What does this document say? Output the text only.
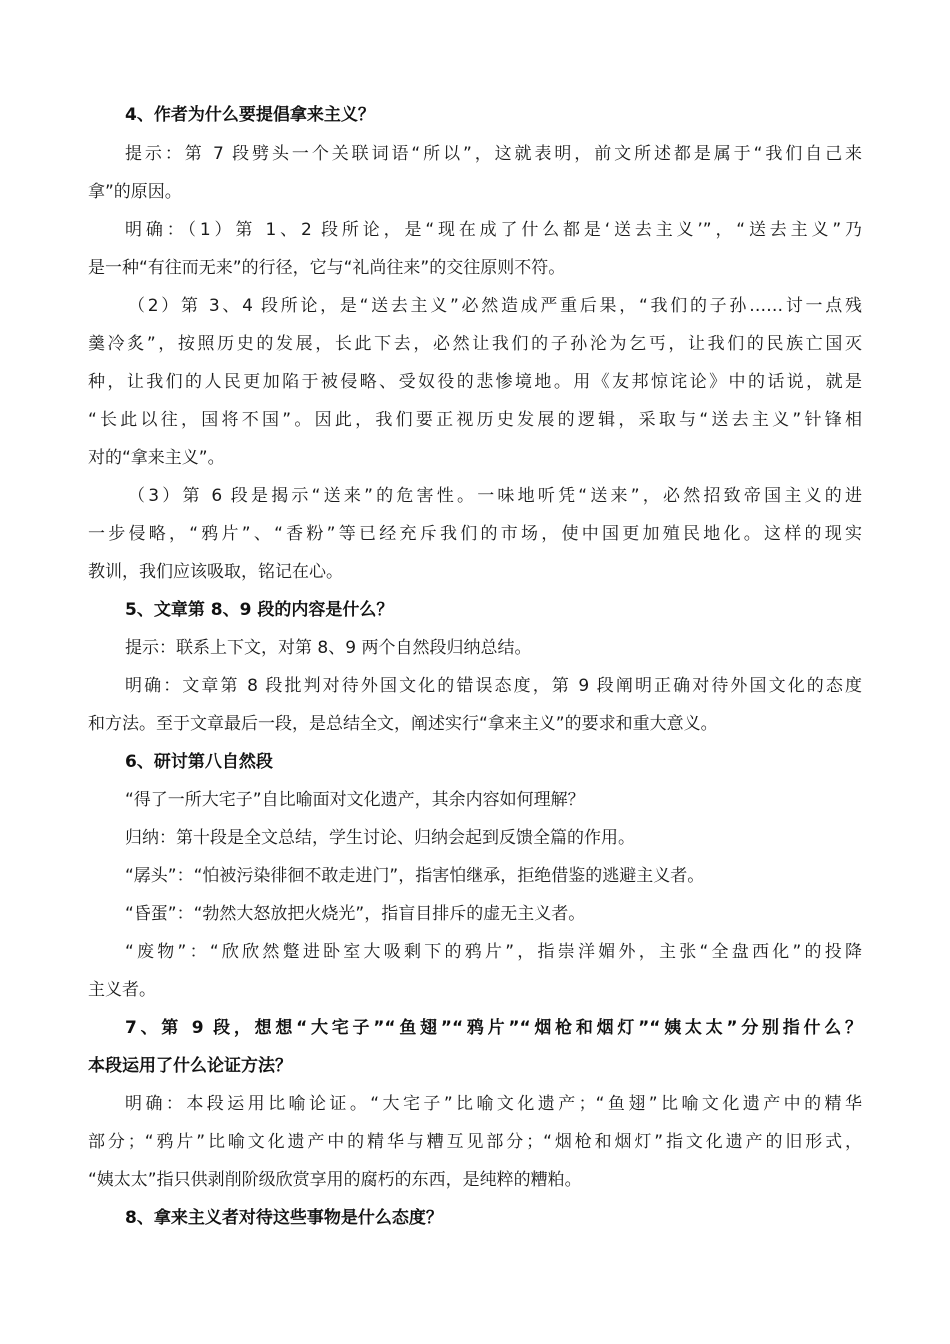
4、作者为什么要提倡拿来主义？
提示：第 7 段劈头一个关联词语“所以”，这就表明，前文所述都是属于“我们自己来
拿”的原因。
明确：（1）第 1、2 段所论，是“现在成了什么都是‘送去主义’”，“送去主义”乃
是一种“有往而无来”的行径，它与“礼尚往来”的交往原则不符。
（2）第 3、4 段所论，是“送去主义”必然造成严重后果，“我们的子孙……讨一点残
羹冷炙”，按照历史的发展，长此下去，必然让我们的子孙沦为乞丐，让我们的民族亡国灭
种，让我们的人民更加陷于被侵略、受奴役的悲惨境地。用《友邦惊诧论》中的话说，就是
“长此以往，国将不国”。因此，我们要正视历史发展的逻辑，采取与“送去主义”针锋相
对的“拿来主义”。
（3）第 6 段是揭示“送来”的危害性。一味地听凭“送来”，必然招致帝国主义的进
一步侵略，“鸦片”、“香粉”等已经充斥我们的市场，使中国更加殖民地化。这样的现实
教训，我们应该吸取，铭记在心。
5、文章第 8、9 段的内容是什么？
提示：联系上下文，对第 8、9 两个自然段归纳总结。
明确：文章第 8 段批判对待外国文化的错误态度，第 9 段阐明正确对待外国文化的态度
和方法。至于文章最后一段，是总结全文，阐述实行“拿来主义”的要求和重大意义。
6、研讨第八自然段
“得了一所大宅子”自比喻面对文化遗产，其余内容如何理解？
归纳：第十段是全文总结，学生讨论、归纳会起到反馈全篇的作用。
“孱头”：“怕被污染徘徊不敢走进门”，指害怕继承，拒绝借鉴的逃避主义者。
“昏蛋”：“勃然大怒放把火烧光”，指盲目排斥的虚无主义者。
“废物”：“欣欣然蹩进卧室大吸剩下的鸦片”，指崇洋媚外，主张“全盘西化”的投降
主义者。
7、第 9 段，想想“大宅子”“鱼翅”“鸦片”“烟枪和烟灯”“姨太太”分别指什么？
本段运用了什么论证方法？
明确：本段运用比喻论证。“大宅子”比喻文化遗产；“鱼翅”比喻文化遗产中的精华
部分；“鸦片”比喻文化遗产中的精华与糟互见部分；“烟枪和烟灯”指文化遗产的旧形式，
“姨太太”指只供剥削阶级欣赏享用的腐朽的东西，是纯粹的糟粕。
8、拿来主义者对待这些事物是什么态度？
